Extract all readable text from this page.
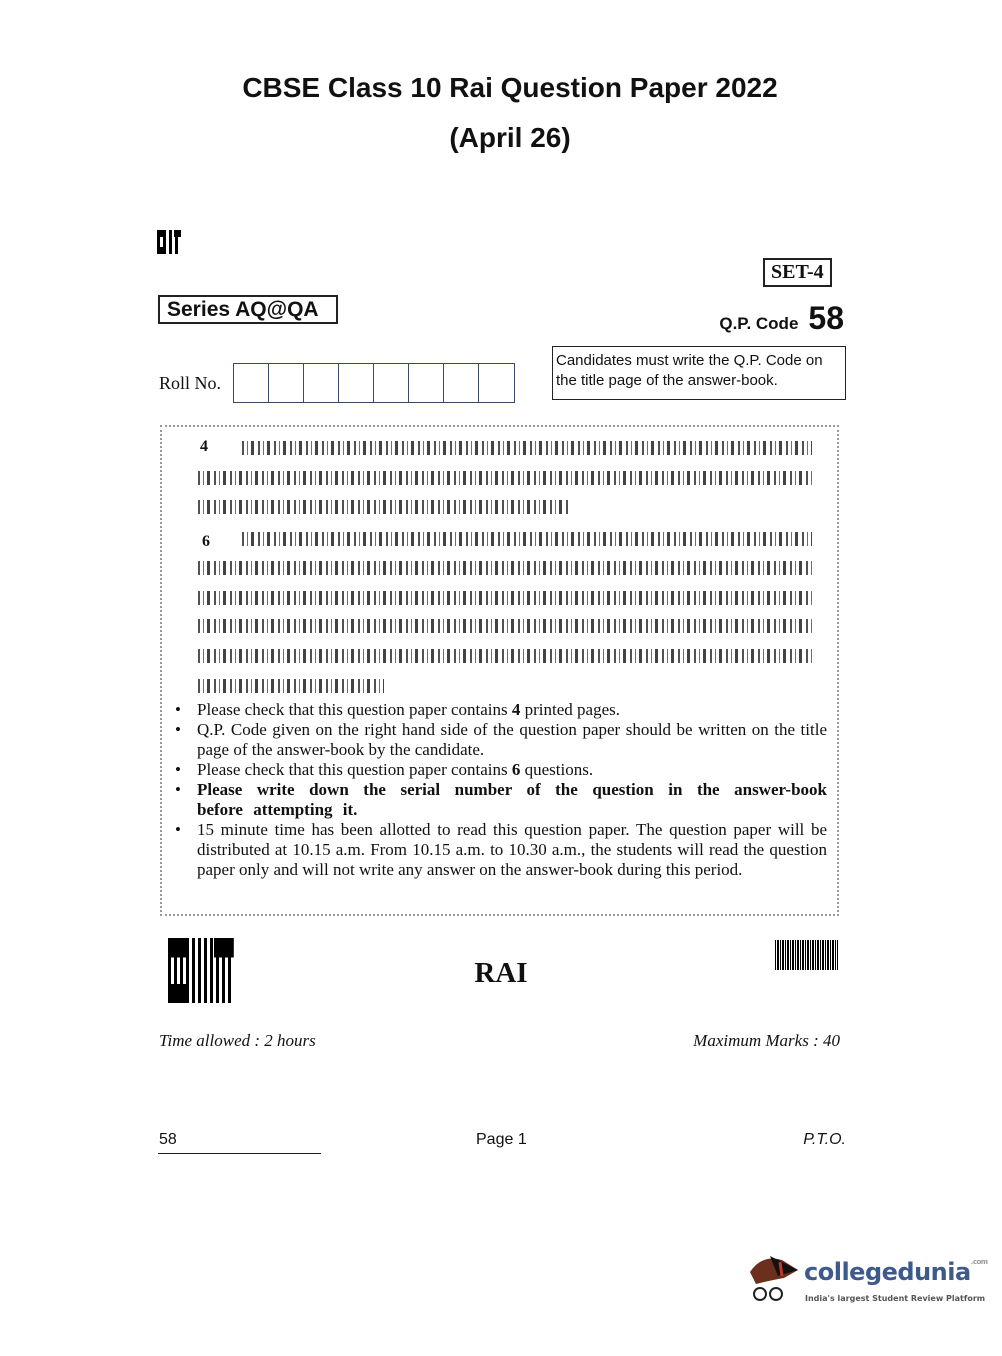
CBSE Class 10 Rai Question Paper 2022
(April 26)
SET-4
Series AQ@QA
Q.P. Code 58
Roll No.
Candidates must write the Q.P. Code on the title page of the answer-book.
4
6
• Please check that this question paper contains 4 printed pages.
• Q.P. Code given on the right hand side of the question paper should be written on the title page of the answer-book by the candidate.
• Please check that this question paper contains 6 questions.
• Please write down the serial number of the question in the answer-book before attempting it.
• 15 minute time has been allotted to read this question paper. The question paper will be distributed at 10.15 a.m. From 10.15 a.m. to 10.30 a.m., the students will read the question paper only and will not write any answer on the answer-book during this period.
RAI
Time allowed : 2 hours	Maximum Marks : 40
58	Page 1	P.T.O.
collegedunia$^{.com}$
India's largest Student Review Platform
